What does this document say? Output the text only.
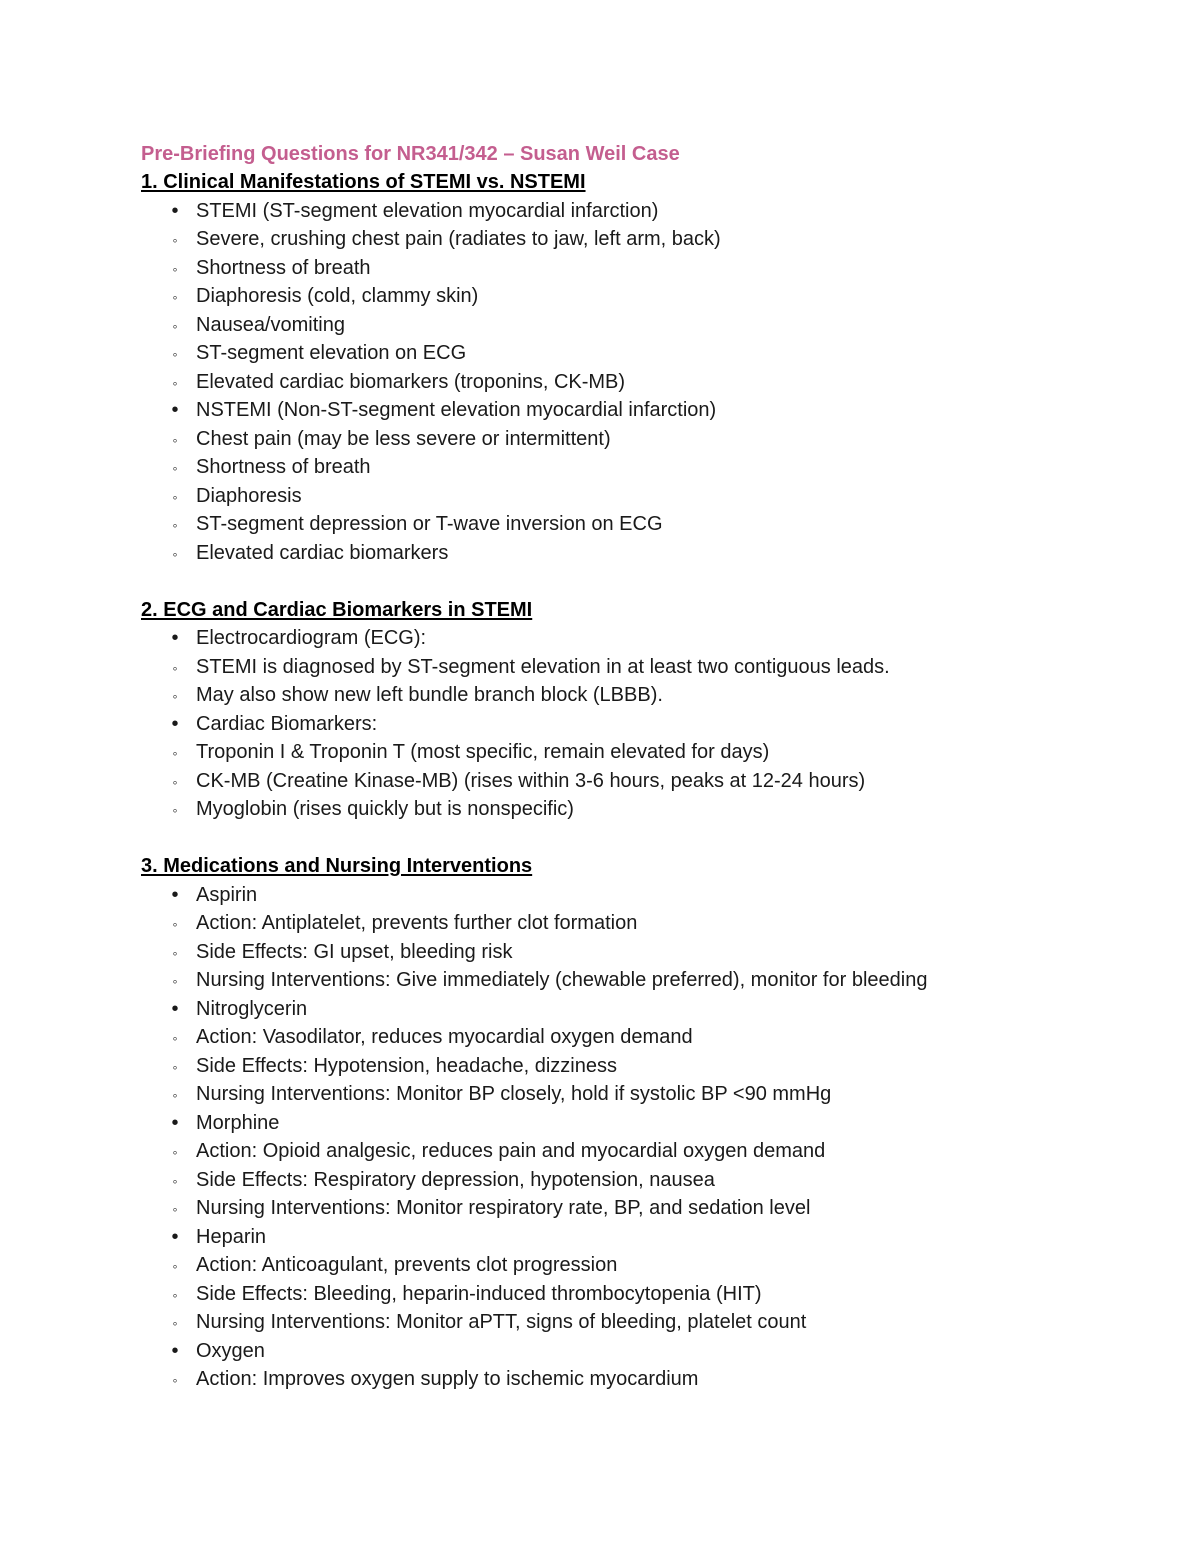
Pre-Briefing Questions for NR341/342 – Susan Weil Case
1. Clinical Manifestations of STEMI vs. NSTEMI
•
STEMI (ST-segment elevation myocardial infarction)
◦
Severe, crushing chest pain (radiates to jaw, left arm, back)
◦
Shortness of breath
◦
Diaphoresis (cold, clammy skin)
◦
Nausea/vomiting
◦
ST-segment elevation on ECG
◦
Elevated cardiac biomarkers (troponins, CK-MB)
•
NSTEMI (Non-ST-segment elevation myocardial infarction)
◦
Chest pain (may be less severe or intermittent)
◦
Shortness of breath
◦
Diaphoresis
◦
ST-segment depression or T-wave inversion on ECG
◦
Elevated cardiac biomarkers
2. ECG and Cardiac Biomarkers in STEMI
•
Electrocardiogram (ECG):
◦
STEMI is diagnosed by ST-segment elevation in at least two contiguous leads.
◦
May also show new left bundle branch block (LBBB).
•
Cardiac Biomarkers:
◦
Troponin I & Troponin T (most specific, remain elevated for days)
◦
CK-MB (Creatine Kinase-MB) (rises within 3-6 hours, peaks at 12-24 hours)
◦
Myoglobin (rises quickly but is nonspecific)
3. Medications and Nursing Interventions
•
Aspirin
◦
Action: Antiplatelet, prevents further clot formation
◦
Side Effects: GI upset, bleeding risk
◦
Nursing Interventions: Give immediately (chewable preferred), monitor for bleeding
•
Nitroglycerin
◦
Action: Vasodilator, reduces myocardial oxygen demand
◦
Side Effects: Hypotension, headache, dizziness
◦
Nursing Interventions: Monitor BP closely, hold if systolic BP <90 mmHg
•
Morphine
◦
Action: Opioid analgesic, reduces pain and myocardial oxygen demand
◦
Side Effects: Respiratory depression, hypotension, nausea
◦
Nursing Interventions: Monitor respiratory rate, BP, and sedation level
•
Heparin
◦
Action: Anticoagulant, prevents clot progression
◦
Side Effects: Bleeding, heparin-induced thrombocytopenia (HIT)
◦
Nursing Interventions: Monitor aPTT, signs of bleeding, platelet count
•
Oxygen
◦
Action: Improves oxygen supply to ischemic myocardium
